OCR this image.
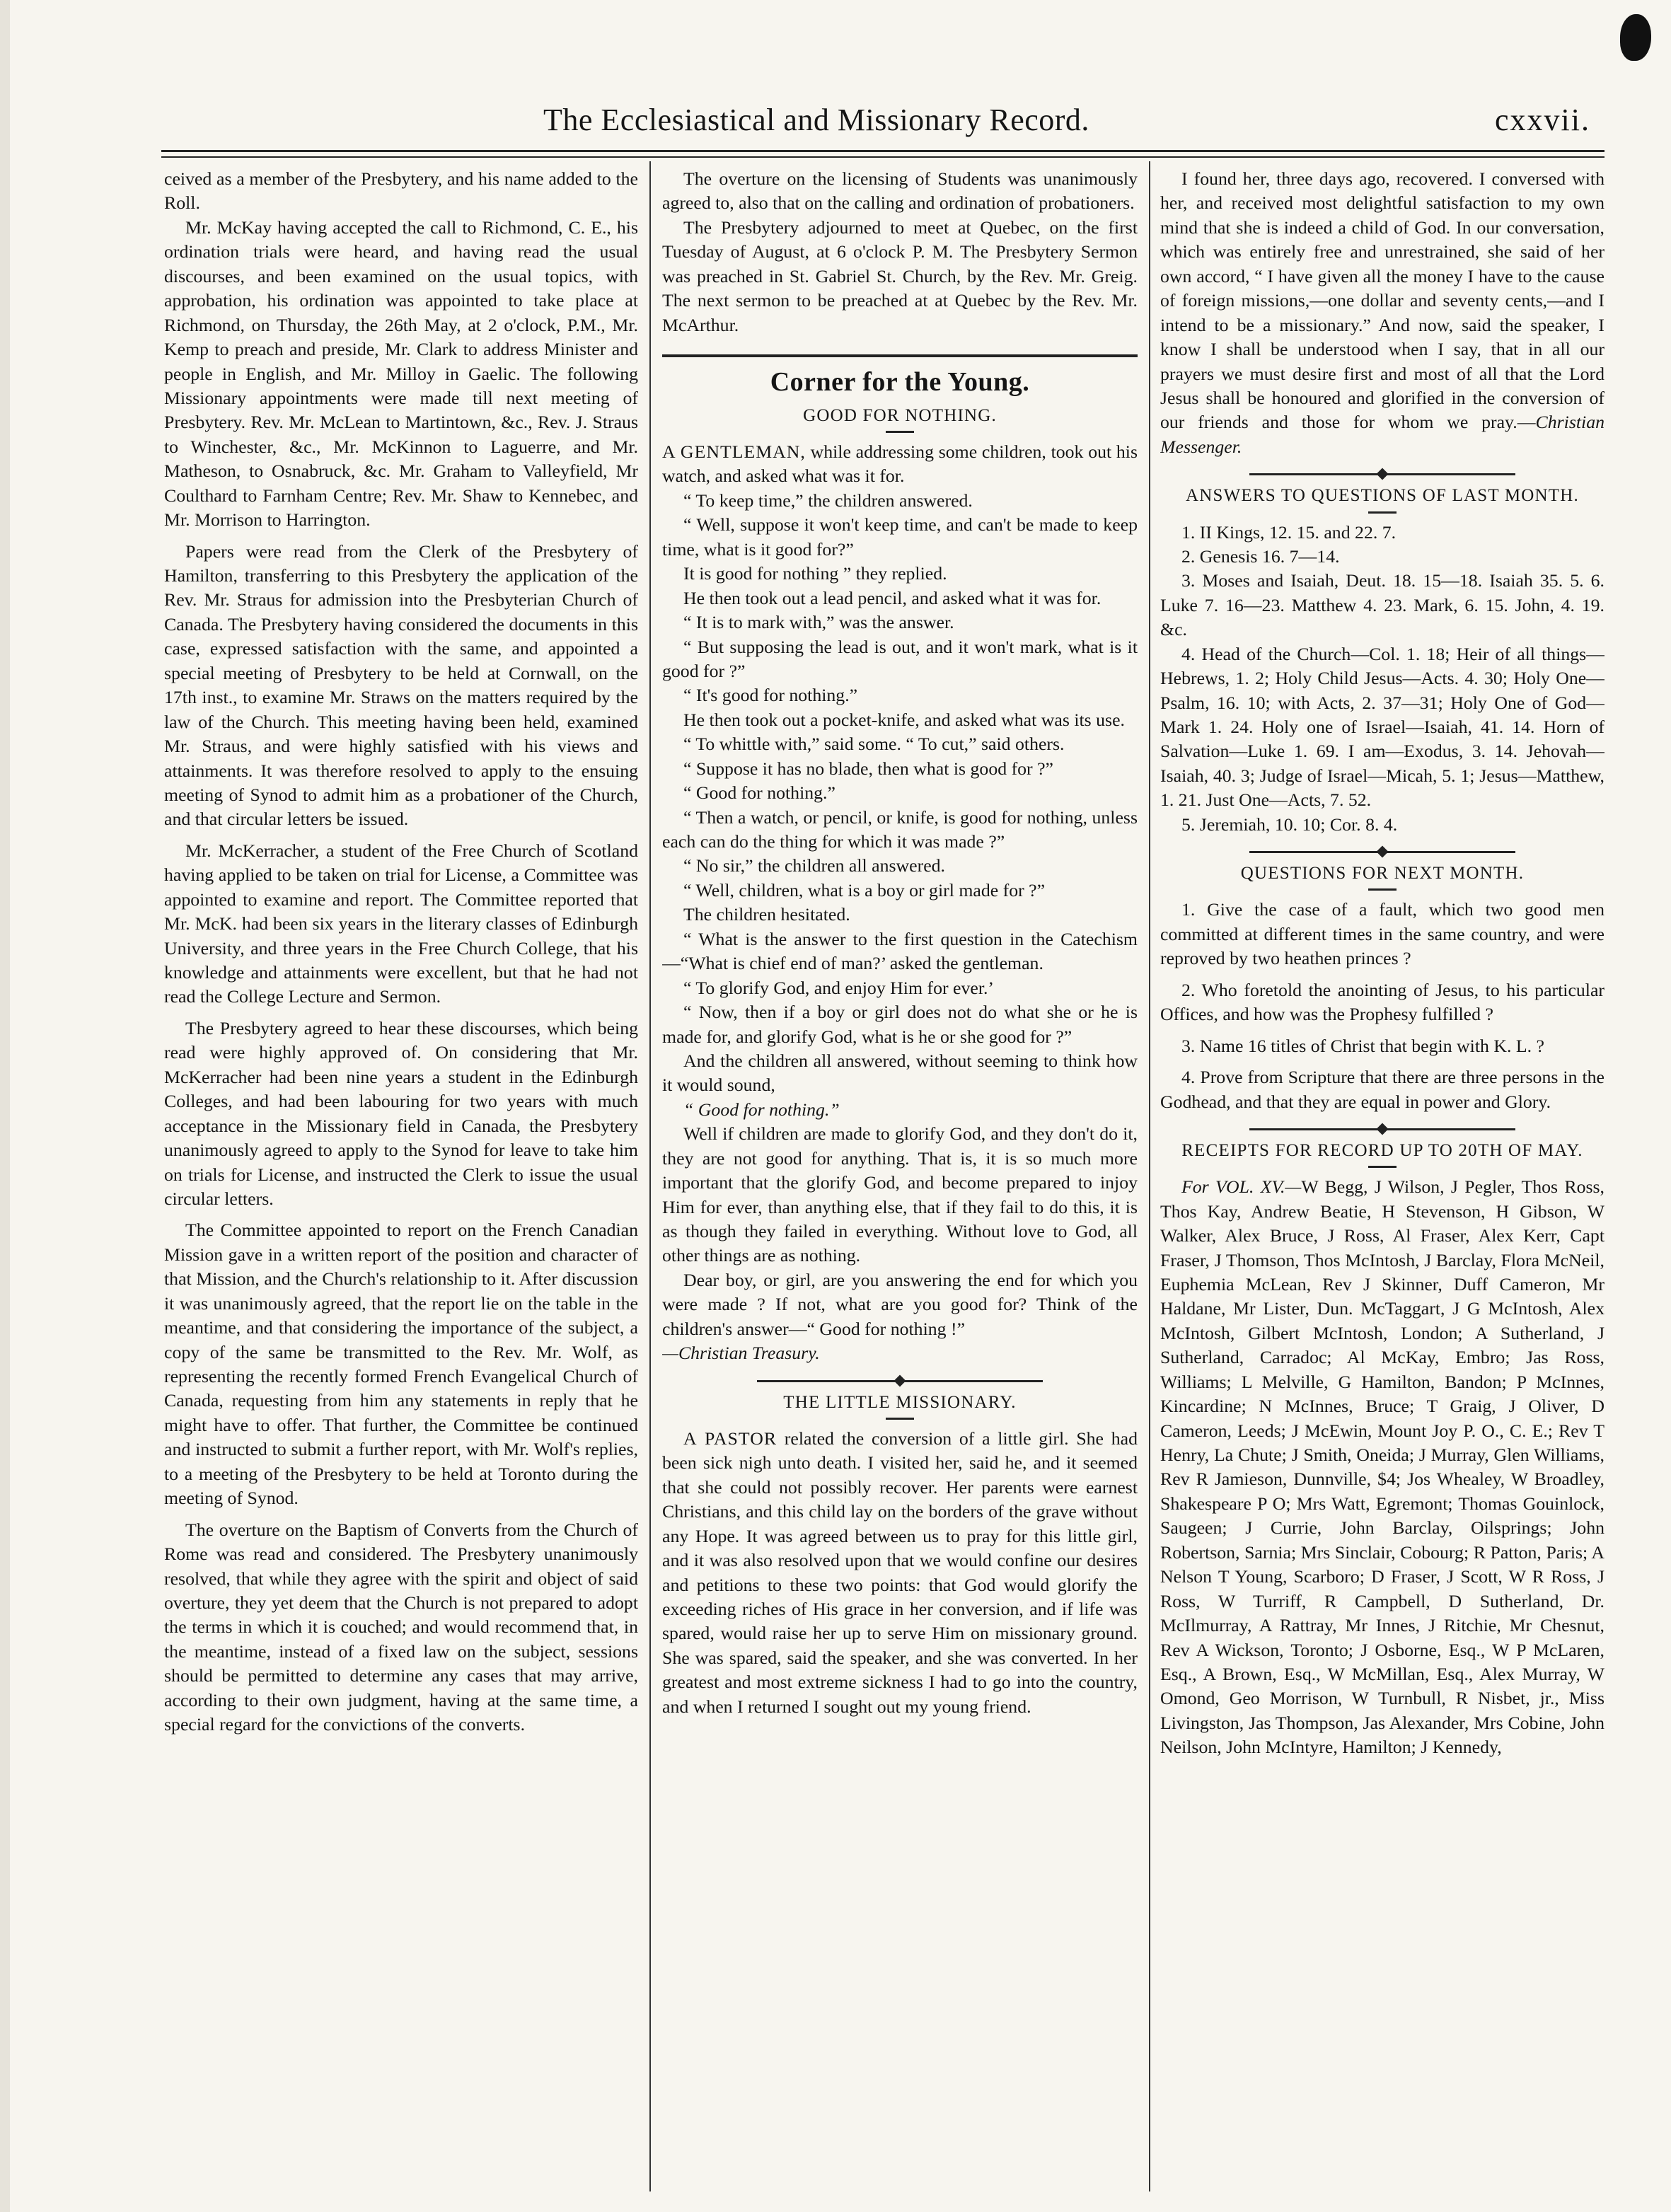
The Ecclesiastical and Missionary Record.	cxxvii.

ceived as a member of the Presbytery, and his name added to the Roll.

Mr. McKay having accepted the call to Richmond, C. E., his ordination trials were heard, and having read the usual discourses, and been examined on the usual topics, with approbation, his ordination was appointed to take place at Richmond, on Thursday, the 26th May, at 2 o'clock, P.M., Mr. Kemp to preach and preside, Mr. Clark to address Minister and people in English, and Mr. Milloy in Gaelic. The following Missionary appointments were made till next meeting of Presbytery. Rev. Mr. McLean to Martintown, &c., Rev. J. Straus to Winchester, &c., Mr. McKinnon to Laguerre, and Mr. Matheson, to Osnabruck, &c. Mr. Graham to Valleyfield, Mr Coulthard to Farnham Centre; Rev. Mr. Shaw to Kennebec, and Mr. Morrison to Harrington.

Papers were read from the Clerk of the Presbytery of Hamilton, transferring to this Presbytery the application of the Rev. Mr. Straus for admission into the Presbyterian Church of Canada. The Presbytery having considered the documents in this case, expressed satisfaction with the same, and appointed a special meeting of Presbytery to be held at Cornwall, on the 17th inst., to examine Mr. Straws on the matters required by the law of the Church. This meeting having been held, examined Mr. Straus, and were highly satisfied with his views and attainments. It was therefore resolved to apply to the ensuing meeting of Synod to admit him as a probationer of the Church, and that circular letters be issued.

Mr. McKerracher, a student of the Free Church of Scotland having applied to be taken on trial for License, a Committee was appointed to examine and report. The Committee reported that Mr. McK. had been six years in the literary classes of Edinburgh University, and three years in the Free Church College, that his knowledge and attainments were excellent, but that he had not read the College Lecture and Sermon.

The Presbytery agreed to hear these discourses, which being read were highly approved of. On considering that Mr. McKerracher had been nine years a student in the Edinburgh Colleges, and had been labouring for two years with much acceptance in the Missionary field in Canada, the Presbytery unanimously agreed to apply to the Synod for leave to take him on trials for License, and instructed the Clerk to issue the usual circular letters.

The Committee appointed to report on the French Canadian Mission gave in a written report of the position and character of that Mission, and the Church's relationship to it. After discussion it was unanimously agreed, that the report lie on the table in the meantime, and that considering the importance of the subject, a copy of the same be transmitted to the Rev. Mr. Wolf, as representing the recently formed French Evangelical Church of Canada, requesting from him any statements in reply that he might have to offer. That further, the Committee be continued and instructed to submit a further report, with Mr. Wolf's replies, to a meeting of the Presbytery to be held at Toronto during the meeting of Synod.

The overture on the Baptism of Converts from the Church of Rome was read and considered. The Presbytery unanimously resolved, that while they agree with the spirit and object of said overture, they yet deem that the Church is not prepared to adopt the terms in which it is couched; and would recommend that, in the meantime, instead of a fixed law on the subject, sessions should be permitted to determine any cases that may arrive, according to their own judgment, having at the same time, a special regard for the convictions of the converts.

The overture on the licensing of Students was unanimously agreed to, also that on the calling and ordination of probationers.

The Presbytery adjourned to meet at Quebec, on the first Tuesday of August, at 6 o'clock P. M. The Presbytery Sermon was preached in St. Gabriel St. Church, by the Rev. Mr. Greig. The next sermon to be preached at at Quebec by the Rev. Mr. McArthur.

Corner for the Young.
GOOD FOR NOTHING.

A GENTLEMAN, while addressing some children, took out his watch, and asked what was it for.

“ To keep time,” the children answered.

“ Well, suppose it won't keep time, and can't be made to keep time, what is it good for?”

It is good for nothing ” they replied.

He then took out a lead pencil, and asked what it was for.

“ It is to mark with,” was the answer.

“ But supposing the lead is out, and it won't mark, what is it good for ?”

“ It's good for nothing.”

He then took out a pocket-knife, and asked what was its use.

“ To whittle with,” said some. “ To cut,” said others.

“ Suppose it has no blade, then what is good for ?”

“ Good for nothing.”

“ Then a watch, or pencil, or knife, is good for nothing, unless each can do the thing for which it was made ?”

“ No sir,” the children all answered.

“ Well, children, what is a boy or girl made for ?”

The children hesitated.

“ What is the answer to the first question in the Catechism—“What is chief end of man?’ asked the gentleman.

“ To glorify God, and enjoy Him for ever.’

“ Now, then if a boy or girl does not do what she or he is made for, and glorify God, what is he or she good for ?”

And the children all answered, without seeming to think how it would sound,

“ Good for nothing.”

Well if children are made to glorify God, and they don't do it, they are not good for anything. That is, it is so much more important that the glorify God, and become prepared to injoy Him for ever, than anything else, that if they fail to do this, it is as though they failed in everything. Without love to God, all other things are as nothing.

Dear boy, or girl, are you answering the end for which you were made ? If not, what are you good for? Think of the children's answer—“ Good for nothing !”

—Christian Treasury.

THE LITTLE MISSIONARY.

A PASTOR related the conversion of a little girl. She had been sick nigh unto death. I visited her, said he, and it seemed that she could not possibly recover. Her parents were earnest Christians, and this child lay on the borders of the grave without any Hope. It was agreed between us to pray for this little girl, and it was also resolved upon that we would confine our desires and petitions to these two points: that God would glorify the exceeding riches of His grace in her conversion, and if life was spared, would raise her up to serve Him on missionary ground. She was spared, said the speaker, and she was converted. In her greatest and most extreme sickness I had to go into the country, and when I returned I sought out my young friend.

I found her, three days ago, recovered. I conversed with her, and received most delightful satisfaction to my own mind that she is indeed a child of God. In our conversation, which was entirely free and unrestrained, she said of her own accord, “ I have given all the money I have to the cause of foreign missions,—one dollar and seventy cents,—and I intend to be a missionary.” And now, said the speaker, I know I shall be understood when I say, that in all our prayers we must desire first and most of all that the Lord Jesus shall be honoured and glorified in the conversion of our friends and those for whom we pray.—Christian Messenger.

ANSWERS TO QUESTIONS OF LAST MONTH.

1. II Kings, 12. 15. and 22. 7.

2. Genesis 16. 7—14.

3. Moses and Isaiah, Deut. 18. 15—18. Isaiah 35. 5. 6. Luke 7. 16—23. Matthew 4. 23. Mark, 6. 15. John, 4. 19. &c.

4. Head of the Church—Col. 1. 18; Heir of all things—Hebrews, 1. 2; Holy Child Jesus—Acts. 4. 30; Holy One—Psalm, 16. 10; with Acts, 2. 37—31; Holy One of God—Mark 1. 24. Holy one of Israel—Isaiah, 41. 14. Horn of Salvation—Luke 1. 69. I am—Exodus, 3. 14. Jehovah—Isaiah, 40. 3; Judge of Israel—Micah, 5. 1; Jesus—Matthew, 1. 21. Just One—Acts, 7. 52.

5. Jeremiah, 10. 10; Cor. 8. 4.

QUESTIONS FOR NEXT MONTH.

1. Give the case of a fault, which two good men committed at different times in the same country, and were reproved by two heathen princes ?

2. Who foretold the anointing of Jesus, to his particular Offices, and how was the Prophesy fulfilled ?

3. Name 16 titles of Christ that begin with K. L. ?

4. Prove from Scripture that there are three persons in the Godhead, and that they are equal in power and Glory.

RECEIPTS FOR RECORD UP TO 20TH OF MAY.

For VOL. XV.—W Begg, J Wilson, J Pegler, Thos Ross, Thos Kay, Andrew Beatie, H Stevenson, H Gibson, W Walker, Alex Bruce, J Ross, Al Fraser, Alex Kerr, Capt Fraser, J Thomson, Thos McIntosh, J Barclay, Flora McNeil, Euphemia McLean, Rev J Skinner, Duff Cameron, Mr Haldane, Mr Lister, Dun. McTaggart, J G McIntosh, Alex McIntosh, Gilbert McIntosh, London; A Sutherland, J Sutherland, Carradoc; Al McKay, Embro; Jas Ross, Williams; L Melville, G Hamilton, Bandon; P McInnes, Kincardine; N McInnes, Bruce; T Graig, J Oliver, D Cameron, Leeds; J McEwin, Mount Joy P. O., C. E.; Rev T Henry, La Chute; J Smith, Oneida; J Murray, Glen Williams, Rev R Jamieson, Dunnville, $4; Jos Whealey, W Broadley, Shakespeare P O; Mrs Watt, Egremont; Thomas Gouinlock, Saugeen; J Currie, John Barclay, Oilsprings; John Robertson, Sarnia; Mrs Sinclair, Cobourg; R Patton, Paris; A Nelson T Young, Scarboro; D Fraser, J Scott, W R Ross, J Ross, W Turriff, R Campbell, D Sutherland, Dr. McIlmurray, A Rattray, Mr Innes, J Ritchie, Mr Chesnut, Rev A Wickson, Toronto; J Osborne, Esq., W P McLaren, Esq., A Brown, Esq., W McMillan, Esq., Alex Murray, W Omond, Geo Morrison, W Turnbull, R Nisbet, jr., Miss Livingston, Jas Thompson, Jas Alexander, Mrs Cobine, John Neilson, John McIntyre, Hamilton; J Kennedy,
